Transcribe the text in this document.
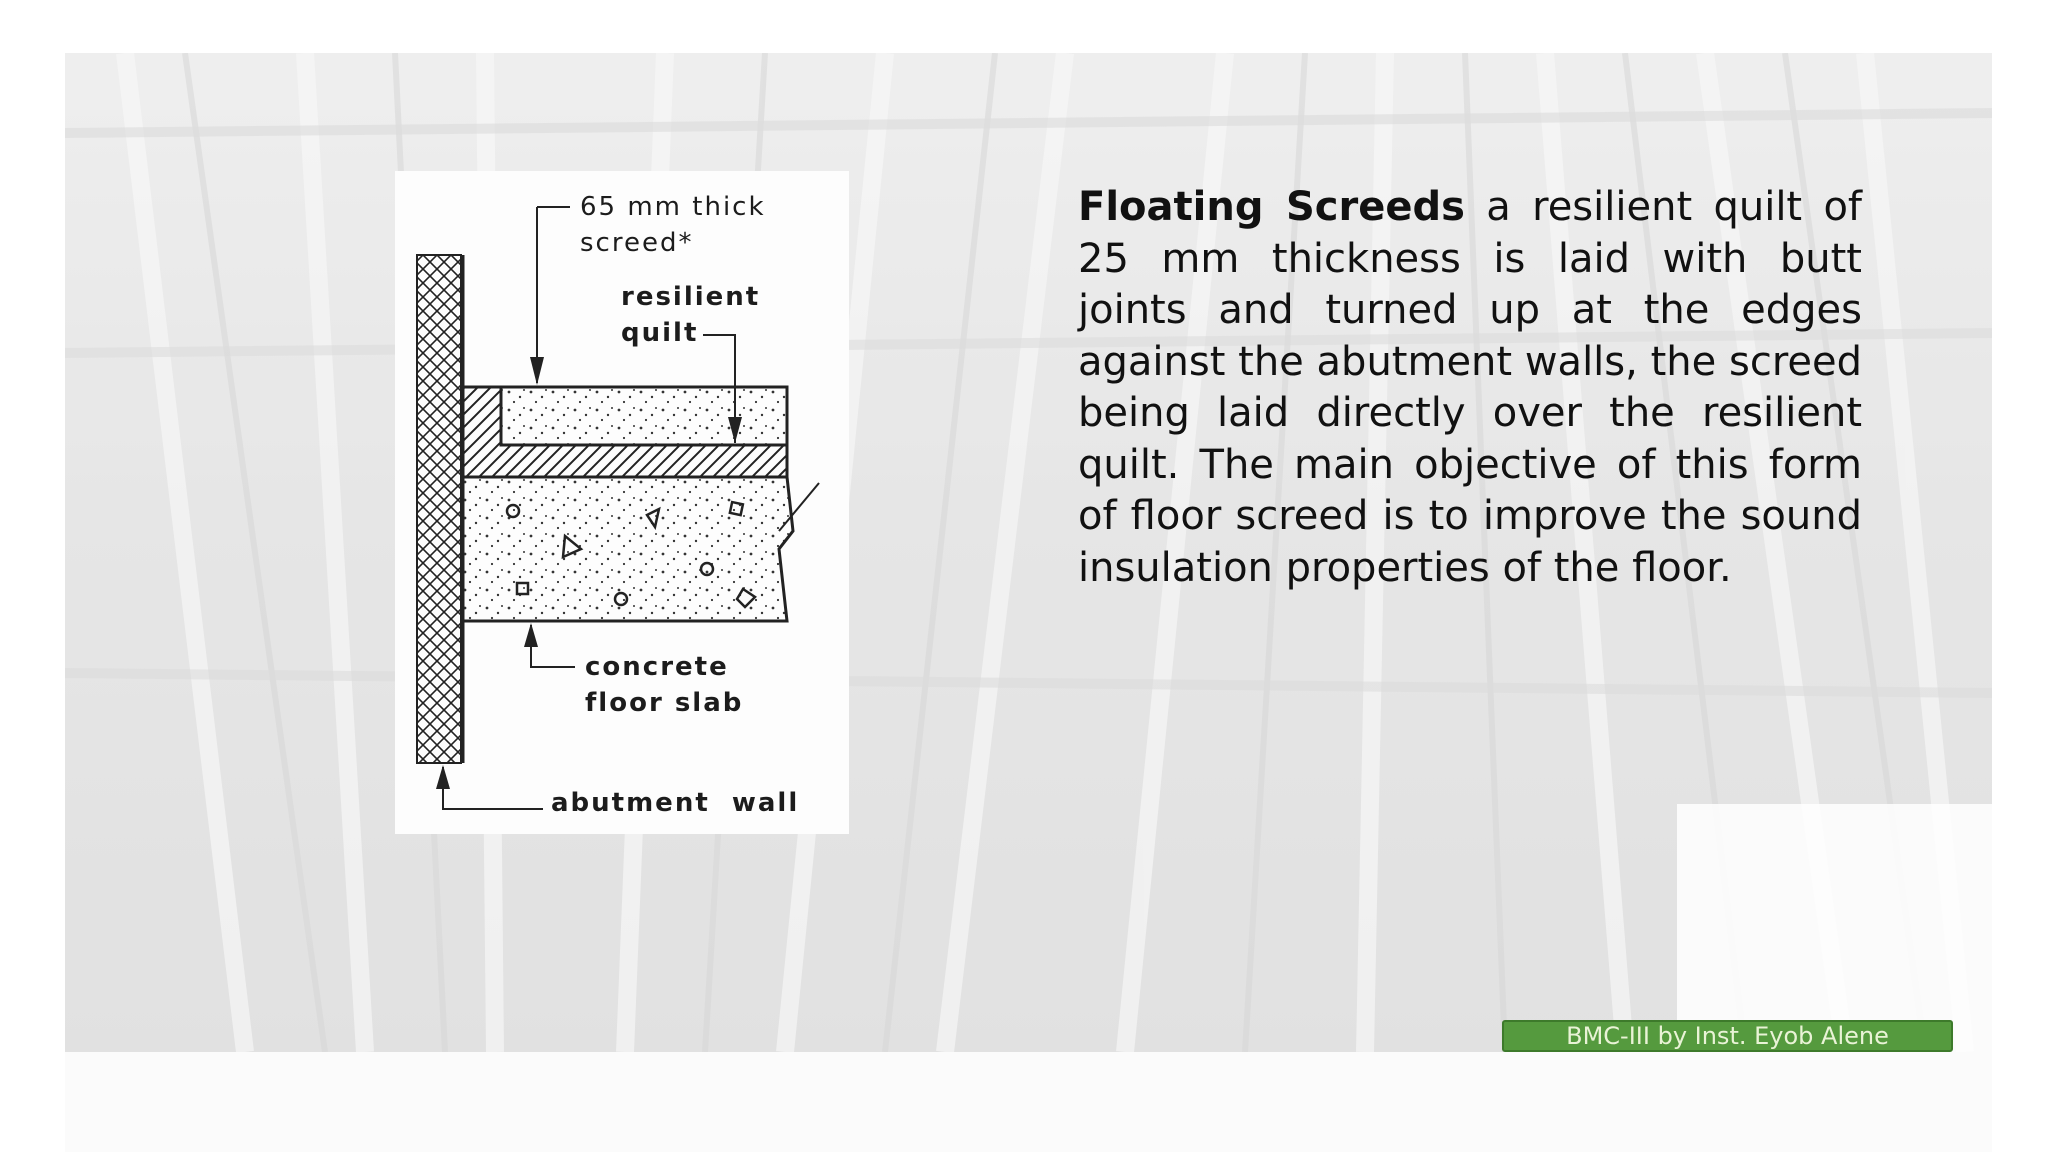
65 mm thick
screed*
resilient
quilt
concrete
floor slab
abutment  wall
Floating Screeds a resilient quilt of 25 mm thickness is laid with butt joints and turned up at the edges against the abutment walls, the screed being laid directly over the resilient quilt. The main objective of this form of floor screed is to improve the sound insulation properties of the floor.
BMC-III by Inst. Eyob Alene
